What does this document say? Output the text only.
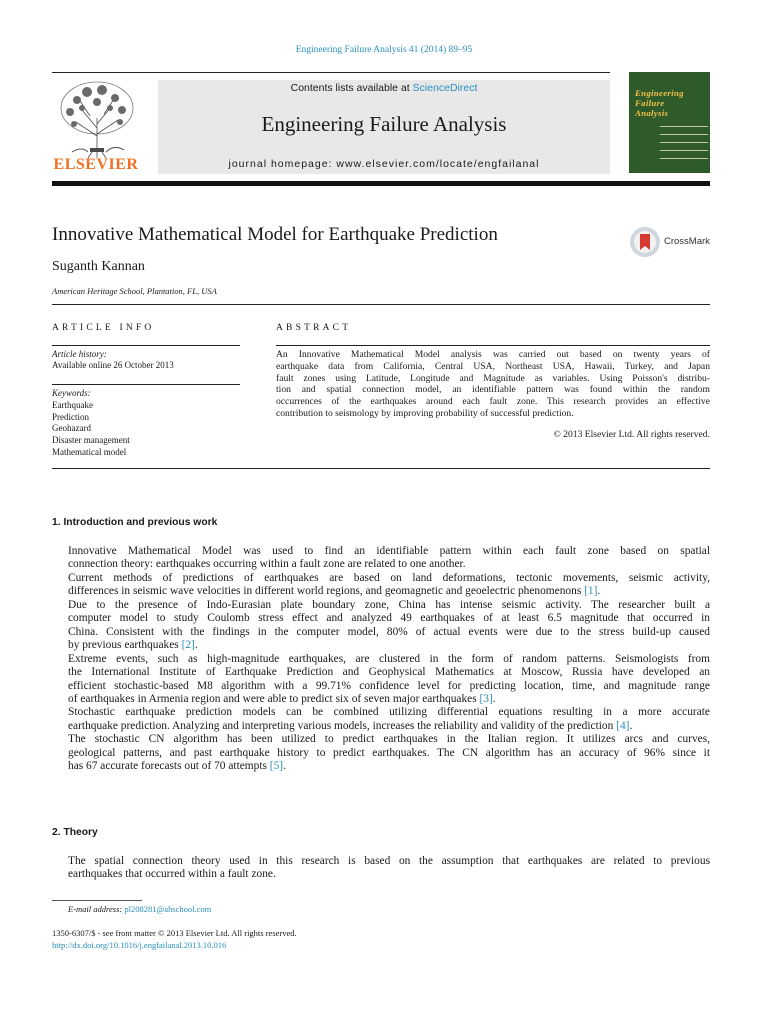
Engineering Failure Analysis 41 (2014) 89–95
ELSEVIER
Contents lists available at ScienceDirect
Engineering Failure Analysis
journal homepage: www.elsevier.com/locate/engfailanal
Engineering
Failure
Analysis
Innovative Mathematical Model for Earthquake Prediction	CrossMark
Suganth Kannan
American Heritage School, Plantation, FL, USA
ARTICLE INFO
Article history:
Available online 26 October 2013
Keywords:
Earthquake
Prediction
Geohazard
Disaster management
Mathematical model
ABSTRACT
An Innovative Mathematical Model analysis was carried out based on twenty years of
earthquake data from California, Central USA, Northeast USA, Hawaii, Turkey, and Japan
fault zones using Latitude, Longitude and Magnitude as variables. Using Poisson's distribu-
tion and spatial connection model, an identifiable pattern was found within the random
occurrences of the earthquakes around each fault zone. This research provides an effective
contribution to seismology by improving probability of successful prediction.
© 2013 Elsevier Ltd. All rights reserved.
1. Introduction and previous work

Innovative Mathematical Model was used to find an identifiable pattern within each fault zone based on spatial
connection theory: earthquakes occurring within a fault zone are related to one another.

Current methods of predictions of earthquakes are based on land deformations, tectonic movements, seismic activity,
differences in seismic wave velocities in different world regions, and geomagnetic and geoelectric phenomenons [1].

Due to the presence of Indo-Eurasian plate boundary zone, China has intense seismic activity. The researcher built a
computer model to study Coulomb stress effect and analyzed 49 earthquakes of at least 6.5 magnitude that occurred in
China. Consistent with the findings in the computer model, 80% of actual events were due to the stress build-up caused
by previous earthquakes [2].

Extreme events, such as high-magnitude earthquakes, are clustered in the form of random patterns. Seismologists from
the International Institute of Earthquake Prediction and Geophysical Mathematics at Moscow, Russia have developed an
efficient stochastic-based M8 algorithm with a 99.71% confidence level for predicting location, time, and magnitude range
of earthquakes in Armenia region and were able to predict six of seven major earthquakes [3].

Stochastic earthquake prediction models can be combined utilizing differential equations resulting in a more accurate
earthquake prediction. Analyzing and interpreting various models, increases the reliability and validity of the prediction [4].

The stochastic CN algorithm has been utilized to predict earthquakes in the Italian region. It utilizes arcs and curves,
geological patterns, and past earthquake history to predict earthquakes. The CN algorithm has an accuracy of 96% since it
has 67 accurate forecasts out of 70 attempts [5].

2. Theory

The spatial connection theory used in this research is based on the assumption that earthquakes are related to previous
earthquakes that occurred within a fault zone.

E-mail address: pl208281@ahschool.com
1350-6307/$ - see front matter © 2013 Elsevier Ltd. All rights reserved.
http://dx.doi.org/10.1016/j.engfailanal.2013.10.016
